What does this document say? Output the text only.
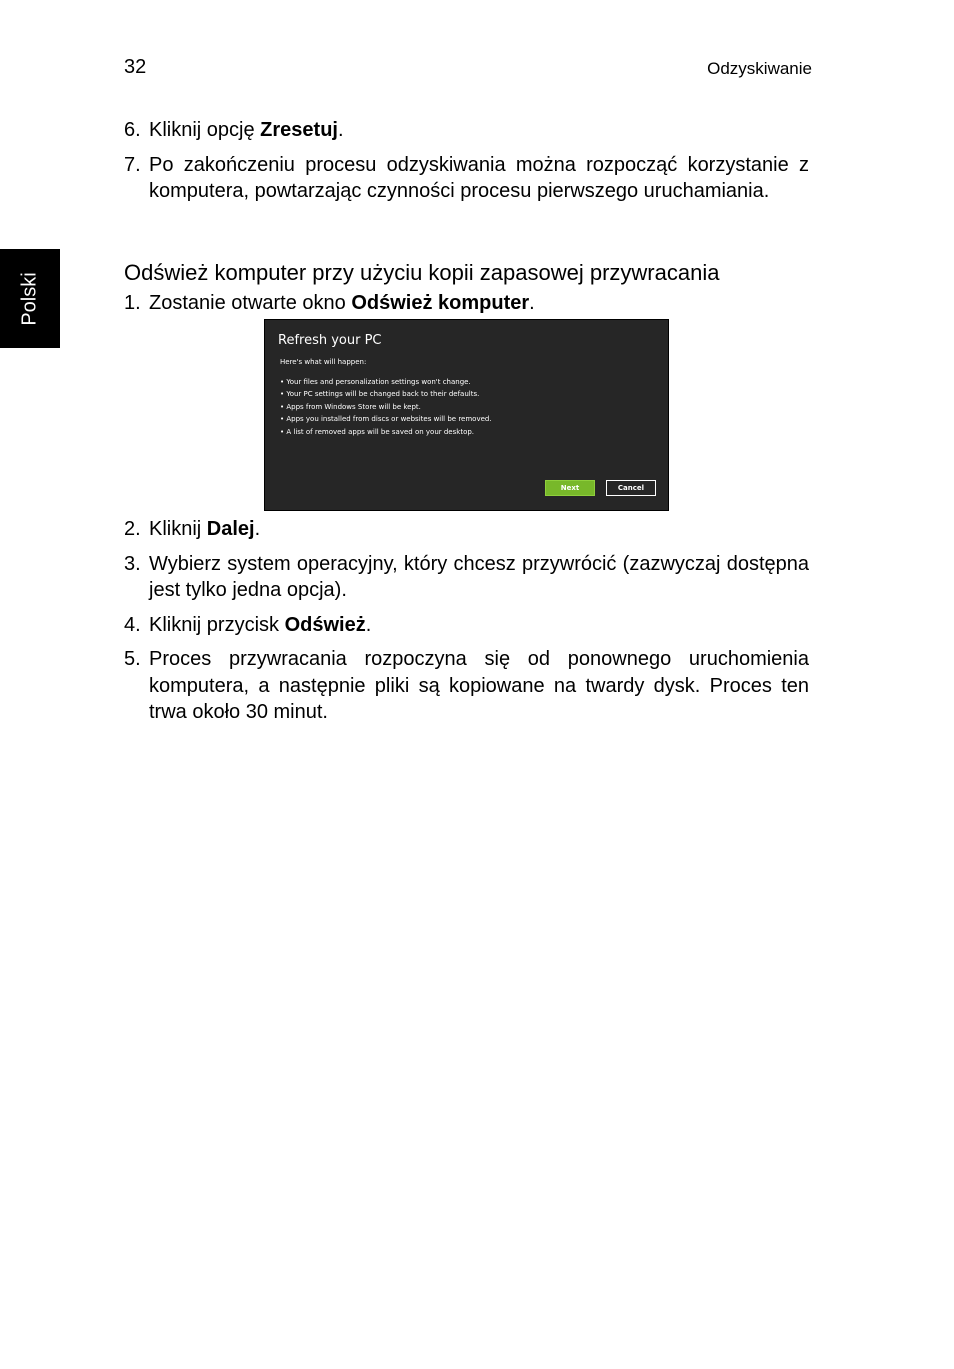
32	Odzyskiwanie
Polski
6. Kliknij opcję Zresetuj.
7. Po zakończeniu procesu odzyskiwania można rozpocząć korzystanie z komputera, powtarzając czynności procesu pierwszego uruchamiania.
Odśwież komputer przy użyciu kopii zapasowej przywracania
1. Zostanie otwarte okno Odśwież komputer.
Refresh your PC
Here's what will happen:
• Your files and personalization settings won't change.
• Your PC settings will be changed back to their defaults.
• Apps from Windows Store will be kept.
• Apps you installed from discs or websites will be removed.
• A list of removed apps will be saved on your desktop.
Next	Cancel
2. Kliknij Dalej.
3. Wybierz system operacyjny, który chcesz przywrócić (zazwyczaj dostępna jest tylko jedna opcja).
4. Kliknij przycisk Odśwież.
5. Proces przywracania rozpoczyna się od ponownego uruchomienia komputera, a następnie pliki są kopiowane na twardy dysk. Proces ten trwa około 30 minut.
